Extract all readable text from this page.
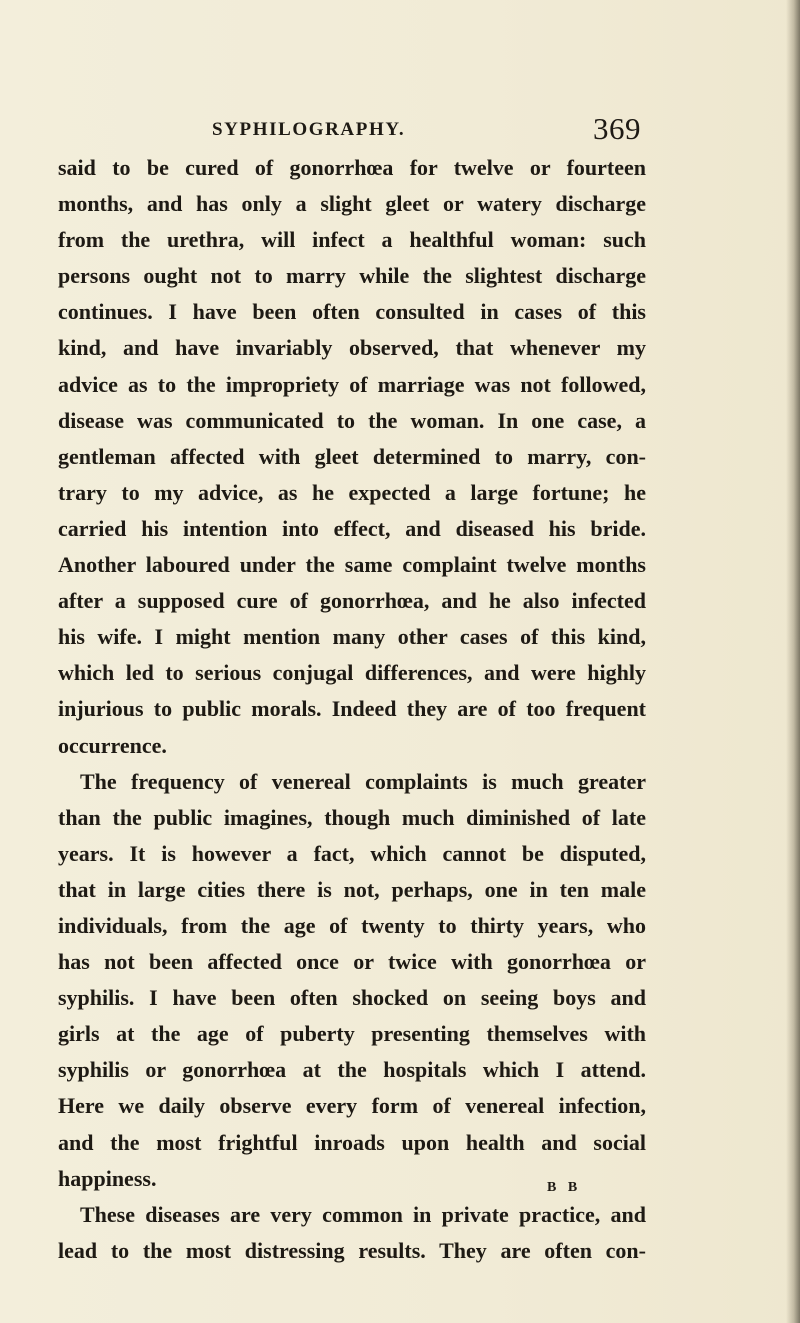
SYPHILOGRAPHY.	369
said to be cured of gonorrhœa for twelve or fourteen
months, and has only a slight gleet or watery discharge
from the urethra, will infect a healthful woman: such
persons ought not to marry while the slightest discharge
continues. I have been often consulted in cases of this
kind, and have invariably observed, that whenever my
advice as to the impropriety of marriage was not followed,
disease was communicated to the woman. In one case, a
gentleman affected with gleet determined to marry, con-
trary to my advice, as he expected a large fortune; he
carried his intention into effect, and diseased his bride.
Another laboured under the same complaint twelve months
after a supposed cure of gonorrhœa, and he also infected
his wife. I might mention many other cases of this kind,
which led to serious conjugal differences, and were highly
injurious to public morals. Indeed they are of too frequent
occurrence.
The frequency of venereal complaints is much greater
than the public imagines, though much diminished of late
years. It is however a fact, which cannot be disputed,
that in large cities there is not, perhaps, one in ten male
individuals, from the age of twenty to thirty years, who
has not been affected once or twice with gonorrhœa or
syphilis. I have been often shocked on seeing boys and
girls at the age of puberty presenting themselves with
syphilis or gonorrhœa at the hospitals which I attend.
Here we daily observe every form of venereal infection,
and the most frightful inroads upon health and social
happiness.
These diseases are very common in private practice, and
lead to the most distressing results. They are often con-
B B
